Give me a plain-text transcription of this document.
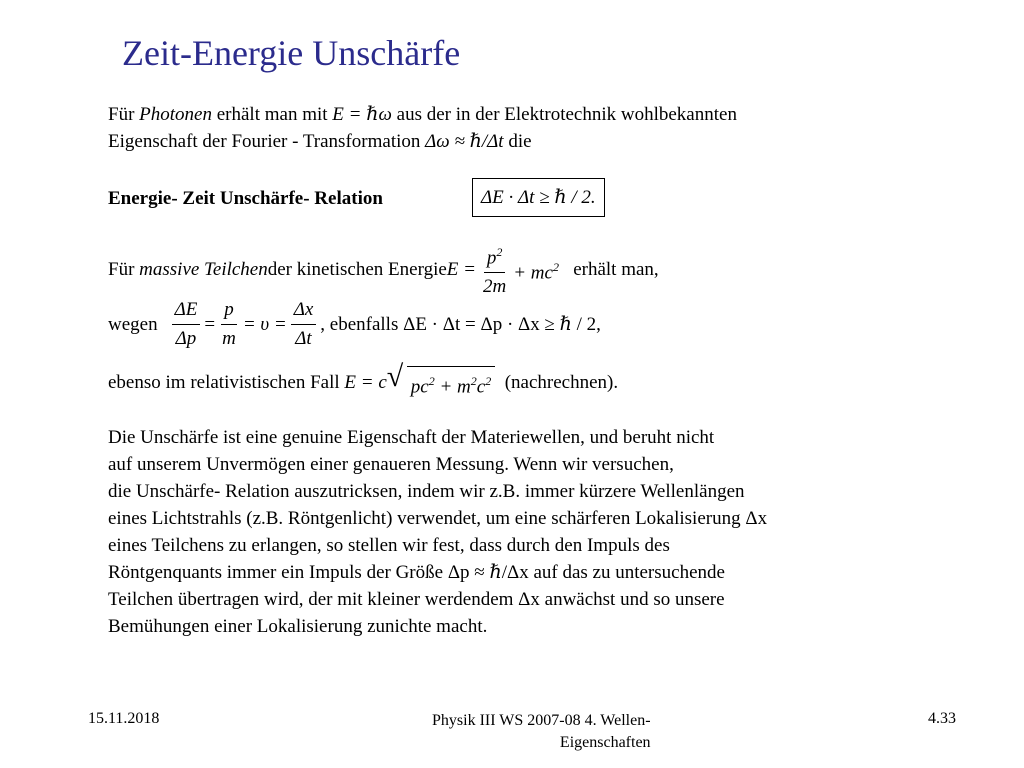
Zeit-Energie Unschärfe
Für Photonen erhält man mit E = ℏω aus der in der Elektrotechnik wohlbekannten
Eigenschaft der Fourier - Transformation Δω ≈ ℏ/Δt die
Energie- Zeit Unschärfe- Relation	ΔE · Δt ≥ ℏ / 2.
Für
massive Teilchen der kinetischen Energie $E = \frac{p^2}{2m} + mc^2$
erhält man,
wegen $\frac{\Delta E}{\Delta p} = \frac{p}{m} = \upsilon = \frac{\Delta x}{\Delta t}$ , ebenfalls ΔE · Δt = Δp · Δx ≥ ℏ / 2,
ebenso im relativistischen Fall
E = c √ $pc^2 + m^2c^2$
(nachrechnen).
Die Unschärfe ist eine genuine Eigenschaft der Materiewellen, und beruht nicht
auf unserem Unvermögen einer genaueren Messung. Wenn wir versuchen,
die Unschärfe- Relation auszutricksen, indem wir z.B. immer kürzere Wellenlängen
eines Lichtstrahls (z.B. Röntgenlicht) verwendet, um eine schärferen Lokalisierung Δx
eines Teilchens zu erlangen, so stellen wir fest, dass durch den Impuls des
Röntgenquants immer ein Impuls der Größe Δp ≈ ℏ/Δx auf das zu untersuchende
Teilchen übertragen wird, der mit kleiner werdendem Δx anwächst und so unsere
Bemühungen einer Lokalisierung zunichte macht.
15.11.2018	Physik III WS 2007-08 4. Wellen-
Eigenschaften
4.33
